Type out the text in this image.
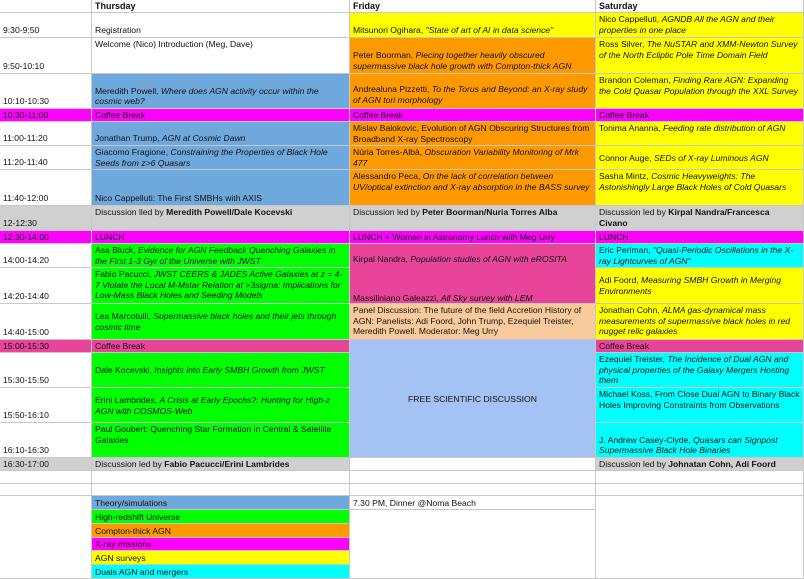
Thursday	Friday	Saturday
9:30-9:50
9:50-10:10
10:10-10:30
10:30-11:00
11:00-11:20
11:20-11:40
11:40-12:00
12-12:30
12:30-14:00
14:00-14:20
14:20-14:40
14:40-15:00
15:00-15:30
15:30-15:50
15:50-16:10
16:10-16:30
16:30-17:00
Registration
Welcome (Nico) Introduction (Meg, Dave)
Meredith Powell, Where does AGN activity occur within the cosmic web?
Coffee Break
Jonathan Trump, AGN at Cosmic Dawn
Giacomo Fragione, Constraining the Properties of Black Hole Seeds from z>6 Quasars
Nico Cappelluti: The First SMBHs with AXIS
Discussion lled by Meredith Powell/Dale Kocevski
LUNCH
Asa Bluck, Evidence for AGN Feedback Quenching Galaxies in the First 1-3 Gyr of the Universe with JWST
Fabio Pacucci, JWST CEERS & JADES Active Galaxies at z = 4-7 Violate the Local M-Mstar Relation at >3sigma: Implications for Low-Mass Black Holes and Seeding Models
Lea Marcotulli, Supermassive black holes and their jets through cosmic time
Coffee Break
Dale Kocevski, Insights into Early SMBH Growth from JWST
Erini Lambrides, A Crisis at Early Epochs?: Hunting for High-z AGN with COSMOS-Web
Paul Goubert: Quenching Star Formation in Central & Satellite Galaxies
Discussion led by Fabio Pacucci/Erini Lambrides
Mitsunori Ogihara, "State of art of AI in data science"
Peter Boorman, Piecing together heavily obscured supermassive black hole growth with Compton-thick AGN
Andrealuna Pizzetti, To the Torus and Beyond: an X-ray study of AGN tori morphology
Coffee Break
Mislav Balokovic, Evolution of AGN Obscuring Structures from Broadband X-ray Spectroscopy
Núria Torres-Albà, Obscuration Variability Monitoring of Mrk 477
Alessandro Peca, On the lack of correlation between UV/optical extinction and X-ray absorption in the BASS survey
Discussion led by Peter Boorman/Nuria Torres Alba
LUNCH + Women in Astronomy Lunch with Meg Urry
Kirpal Nandra, Population studies of AGN with eROSITA
Massiliniano Galeazzi, All Sky survey with LEM
Panel Discussion: The future of the field Accretion History of AGN: Panelists: Adi Foord, John Trump, Ezequiel Treister, Meredith Powell. Moderator: Meg Urry
FREE SCIENTIFIC DISCUSSION
Nico Cappelluti, AGNDB All the AGN and their properties in one place
Ross Silver, The NuSTAR and XMM-Newton Survey of the North Ecliptic Pole Time Domain Field
Brandon Coleman, Finding Rare AGN: Expanding the Cold Quasar Population through the XXL Survey
Coffee Break
Tonima Ananna, Feeding rate distribution of AGN
Connor Auge, SEDs of X-ray Luminous AGN
Sasha Mintz, Cosmic Heavyweights: The Astonishingly Large Black Holes of Cold Quasars
Discussion led by Kirpal Nandra/Francesca Civano
LUNCH
Eric Perlman, "Quasi-Periodic Oscillations in the X-ray Lightcurves of AGN"
Adi Foord, Measuring SMBH Growth in Merging Environments
Jonathan Cohn, ALMA gas-dynamical mass measurements of supermassive black holes in red nugget relic galaxies
Coffee Break
Ezequiel Treister, The Incidence of Dual AGN and physical properties of the Galaxy Mergers Hosting them
Michael Koss, From Close Dual AGN to Binary Black Holes Improving Constraints from Observations
J. Andrew Casey-Clyde, Quasars can Signpost Supermassive Black Hole Binaries
Discussion led by Johnatan Cohn, Adi Foord
Theory/simulations
High-redshift Universe
Compton-thick AGN
X-ray missions
AGN surveys
Duals AGN and mergers
7.30 PM, Dinner @Noma Beach
